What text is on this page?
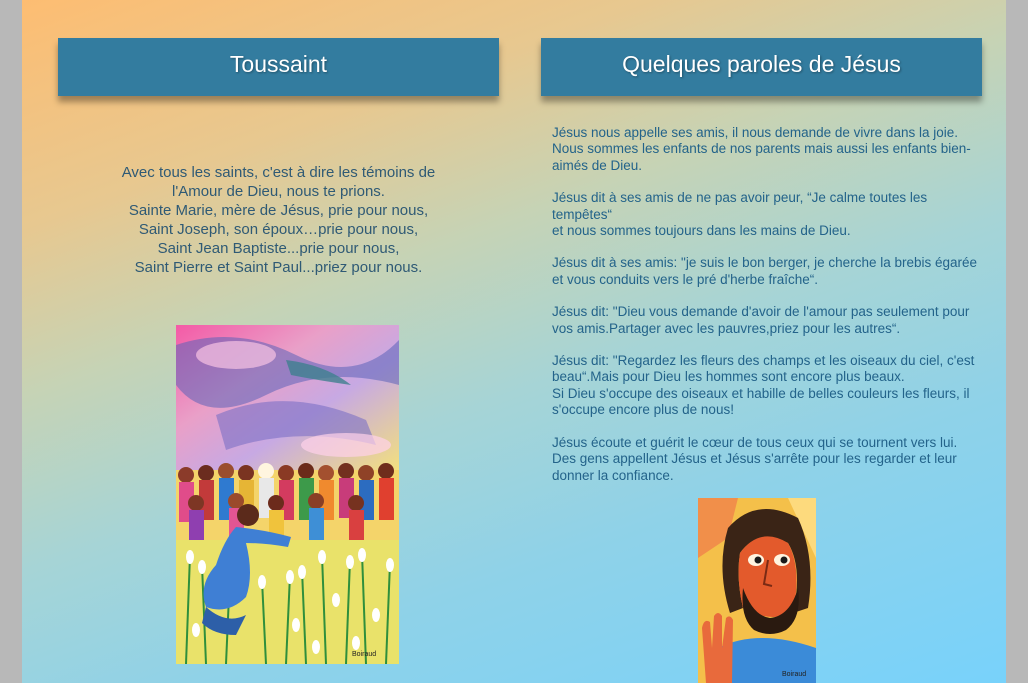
Toussaint	Quelques paroles de Jésus

Avec tous les saints, c'est à dire les témoins de

l'Amour de Dieu, nous te prions.

Sainte Marie, mère de Jésus, prie pour nous,

Saint Joseph, son époux…prie pour nous,

Saint Jean Baptiste...prie pour nous,

Saint Pierre et Saint Paul...priez pour nous.

Jésus nous appelle ses amis, il nous demande de vivre dans la joie. Nous sommes les enfants de nos parents mais aussi les enfants bien-aimés de Dieu.

Jésus dit à ses amis de ne pas avoir peur, “Je calme toutes les tempêtes“
et nous sommes toujours dans les mains de Dieu.

Jésus dit à ses amis: "je suis le bon berger, je cherche la brebis égarée et vous conduits vers le pré d'herbe fraîche“.

Jésus dit: "Dieu vous demande d'avoir de l'amour pas seulement pour vos amis.Partager avec les pauvres,priez pour les autres“.

Jésus dit: "Regardez les fleurs des champs et les oiseaux du ciel, c'est beau“.Mais pour Dieu les hommes sont encore plus beaux.
Si Dieu s'occupe des oiseaux et habille de belles couleurs les fleurs, il s'occupe encore plus de nous!

Jésus écoute et guérit le cœur de tous ceux qui se tournent vers lui. Des gens appellent Jésus et Jésus s'arrête pour les regarder et leur donner la confiance.

Boiraud
Boiraud
